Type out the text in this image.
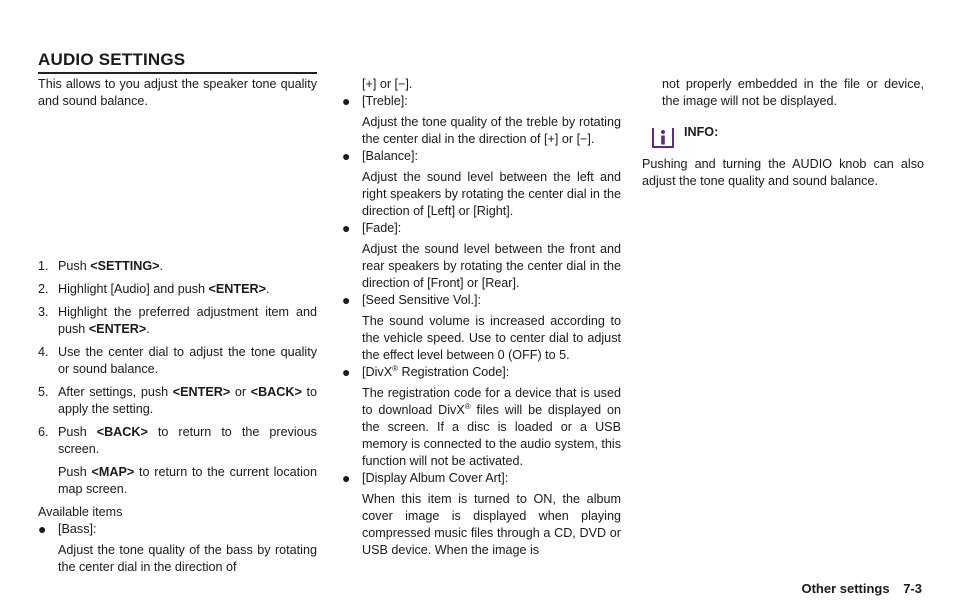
AUDIO SETTINGS

This allows to you adjust the speaker tone quality and sound balance.

1. Push <SETTING>.
2. Highlight [Audio] and push <ENTER>.
3. Highlight the preferred adjustment item and push <ENTER>.
4. Use the center dial to adjust the tone quality or sound balance.
5. After settings, push <ENTER> or <BACK> to apply the setting.
6. Push <BACK> to return to the previous screen.
Push <MAP> to return to the current location map screen.

Available items

● [Bass]:

Adjust the tone quality of the bass by rotating the center dial in the direction of

[+] or [−].

● [Treble]:

Adjust the tone quality of the treble by rotating the center dial in the direction of [+] or [−].

● [Balance]:

Adjust the sound level between the left and right speakers by rotating the center dial in the direction of [Left] or [Right].

● [Fade]:

Adjust the sound level between the front and rear speakers by rotating the center dial in the direction of [Front] or [Rear].

● [Seed Sensitive Vol.]:

The sound volume is increased according to the vehicle speed. Use to center dial to adjust the effect level between 0 (OFF) to 5.

● [DivX® Registration Code]:

The registration code for a device that is used to download DivX® files will be displayed on the screen. If a disc is loaded or a USB memory is connected to the audio system, this function will not be activated.

● [Display Album Cover Art]:

When this item is turned to ON, the album cover image is displayed when playing compressed music files through a CD, DVD or USB device. When the image is

not properly embedded in the file or device, the image will not be displayed.

INFO:

Pushing and turning the AUDIO knob can also adjust the tone quality and sound balance.

Other settings 7-3
